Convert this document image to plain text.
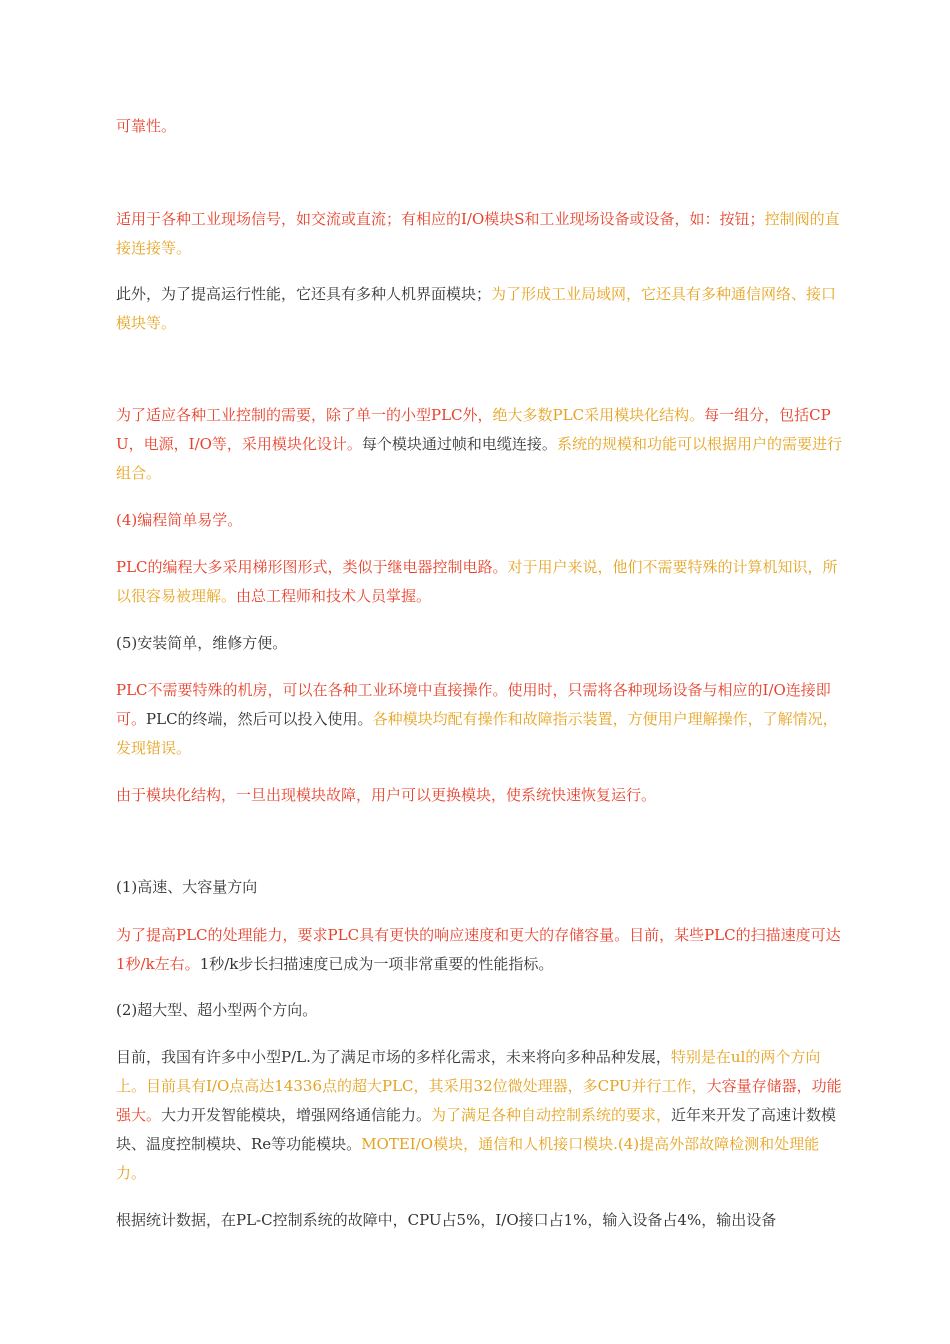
可靠性。

适用于各种工业现场信号，如交流或直流；有相应的I/O模块S和工业现场设备或设备，如：按钮；控制阀的直接连接等。

此外，为了提高运行性能，它还具有多种人机界面模块；为了形成工业局域网，它还具有多种通信网络、接口模块等。

为了适应各种工业控制的需要，除了单一的小型PLC外，绝大多数PLC采用模块化结构。每一组分，包括CPU，电源，I/O等，采用模块化设计。每个模块通过帧和电缆连接。系统的规模和功能可以根据用户的需要进行组合。

(4)编程简单易学。

PLC的编程大多采用梯形图形式，类似于继电器控制电路。对于用户来说，他们不需要特殊的计算机知识，所以很容易被理解。由总工程师和技术人员掌握。

(5)安装简单，维修方便。

PLC不需要特殊的机房，可以在各种工业环境中直接操作。使用时，只需将各种现场设备与相应的I/O连接即可。PLC的终端，然后可以投入使用。各种模块均配有操作和故障指示装置，方便用户理解操作，了解情况，发现错误。

由于模块化结构，一旦出现模块故障，用户可以更换模块，使系统快速恢复运行。

(1)高速、大容量方向

为了提高PLC的处理能力，要求PLC具有更快的响应速度和更大的存储容量。目前，某些PLC的扫描速度可达1秒/k左右。1秒/k步长扫描速度已成为一项非常重要的性能指标。

(2)超大型、超小型两个方向。

目前，我国有许多中小型P/L.为了满足市场的多样化需求，未来将向多种品种发展，特别是在ul的两个方向上。目前具有I/O点高达14336点的超大PLC，其采用32位微处理器，多CPU并行工作，大容量存储器，功能强大。大力开发智能模块，增强网络通信能力。为了满足各种自动控制系统的要求，近年来开发了高速计数模块、温度控制模块、Re等功能模块。MOTEI/O模块，通信和人机接口模块.(4)提高外部故障检测和处理能力。

根据统计数据，在PL-C控制系统的故障中，CPU占5%，I/O接口占1%，输入设备占4%，输出设备
